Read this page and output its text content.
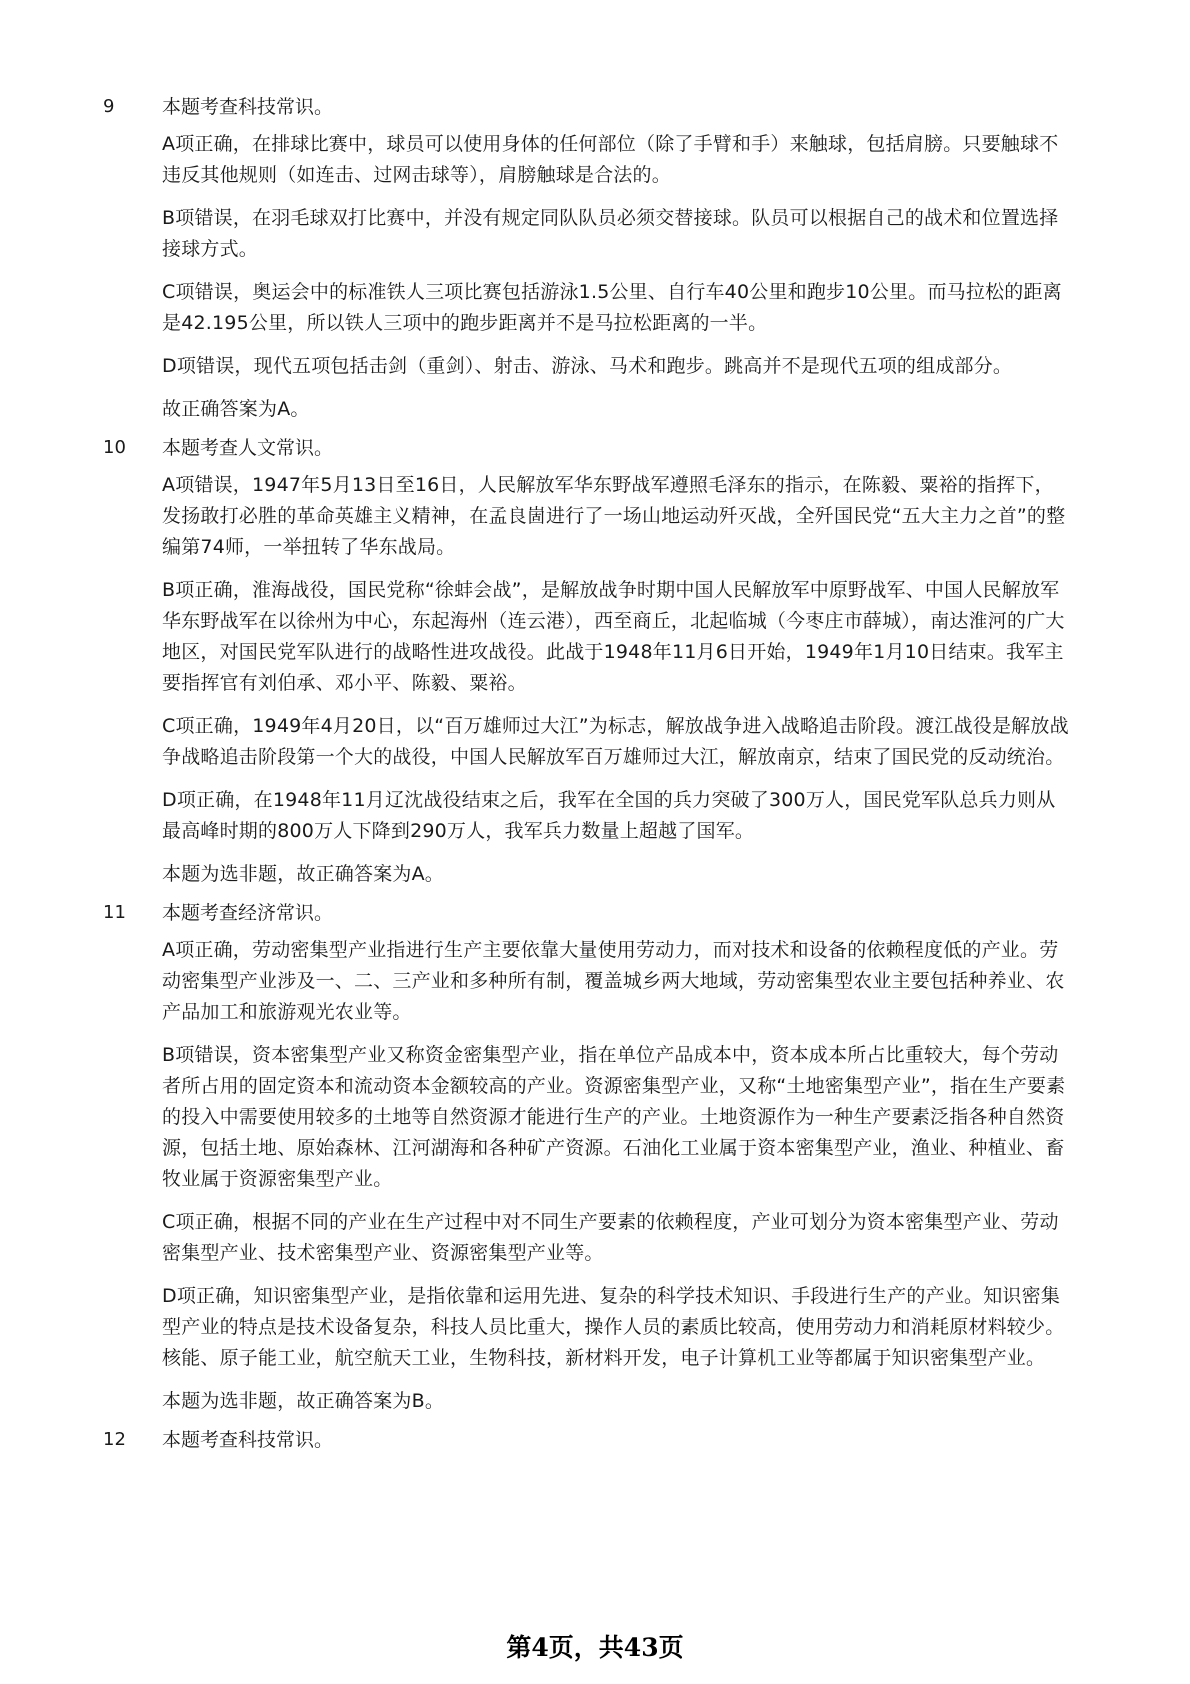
9	本题考查科技常识。

A项正确，在排球比赛中，球员可以使用身体的任何部位（除了手臂和手）来触球，包括肩膀。只要触球不违反其他规则（如连击、过网击球等），肩膀触球是合法的。

B项错误，在羽毛球双打比赛中，并没有规定同队队员必须交替接球。队员可以根据自己的战术和位置选择接球方式。

C项错误，奥运会中的标准铁人三项比赛包括游泳1.5公里、自行车40公里和跑步10公里。而马拉松的距离是42.195公里，所以铁人三项中的跑步距离并不是马拉松距离的一半。

D项错误，现代五项包括击剑（重剑）、射击、游泳、马术和跑步。跳高并不是现代五项的组成部分。

故正确答案为A。

10 本题考查人文常识。

A项错误，1947年5月13日至16日，人民解放军华东野战军遵照毛泽东的指示，在陈毅、粟裕的指挥下，发扬敢打必胜的革命英雄主义精神，在孟良崮进行了一场山地运动歼灭战，全歼国民党“五大主力之首”的整编第74师，一举扭转了华东战局。

B项正确，淮海战役，国民党称“徐蚌会战”，是解放战争时期中国人民解放军中原野战军、中国人民解放军华东野战军在以徐州为中心，东起海州（连云港），西至商丘，北起临城（今枣庄市薛城），南达淮河的广大地区，对国民党军队进行的战略性进攻战役。此战于1948年11月6日开始，1949年1月10日结束。我军主要指挥官有刘伯承、邓小平、陈毅、粟裕。

C项正确，1949年4月20日，以“百万雄师过大江”为标志，解放战争进入战略追击阶段。渡江战役是解放战争战略追击阶段第一个大的战役，中国人民解放军百万雄师过大江，解放南京，结束了国民党的反动统治。

D项正确，在1948年11月辽沈战役结束之后，我军在全国的兵力突破了300万人，国民党军队总兵力则从最高峰时期的800万人下降到290万人，我军兵力数量上超越了国军。

本题为选非题，故正确答案为A。

11 本题考查经济常识。

A项正确，劳动密集型产业指进行生产主要依靠大量使用劳动力，而对技术和设备的依赖程度低的产业。劳动密集型产业涉及一、二、三产业和多种所有制，覆盖城乡两大地域，劳动密集型农业主要包括种养业、农产品加工和旅游观光农业等。

B项错误，资本密集型产业又称资金密集型产业，指在单位产品成本中，资本成本所占比重较大，每个劳动者所占用的固定资本和流动资本金额较高的产业。资源密集型产业，又称“土地密集型产业”，指在生产要素的投入中需要使用较多的土地等自然资源才能进行生产的产业。土地资源作为一种生产要素泛指各种自然资源，包括土地、原始森林、江河湖海和各种矿产资源。石油化工业属于资本密集型产业，渔业、种植业、畜牧业属于资源密集型产业。

C项正确，根据不同的产业在生产过程中对不同生产要素的依赖程度，产业可划分为资本密集型产业、劳动密集型产业、技术密集型产业、资源密集型产业等。

D项正确，知识密集型产业，是指依靠和运用先进、复杂的科学技术知识、手段进行生产的产业。知识密集型产业的特点是技术设备复杂，科技人员比重大，操作人员的素质比较高，使用劳动力和消耗原材料较少。核能、原子能工业，航空航天工业，生物科技，新材料开发，电子计算机工业等都属于知识密集型产业。

本题为选非题，故正确答案为B。

12 本题考查科技常识。
第4页，共43页
